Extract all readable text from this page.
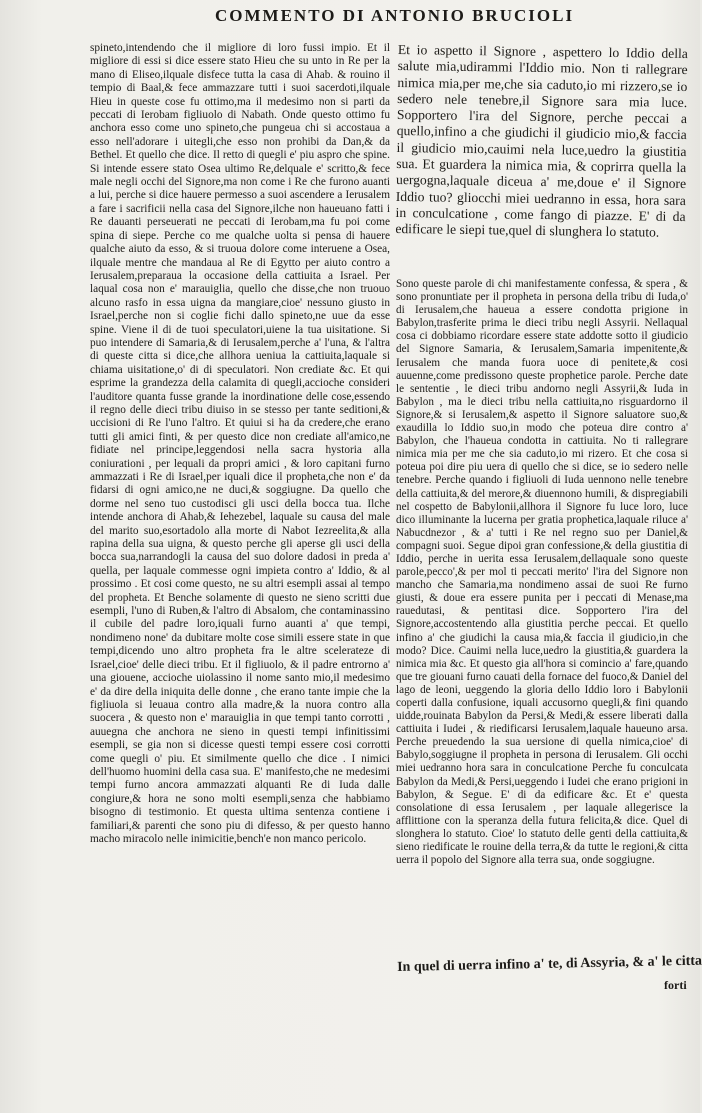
COMMENTO DI ANTONIO BRUCIOLI

spineto,intendendo che il migliore di loro fussi impio. Et il migliore di essi si dice essere stato Hieu che su unto in Re per la mano di Eliseo,ilquale disfece tutta la casa di Ahab. & rouino il tempio di Baal,& fece ammazzare tutti i suoi sacerdoti,ilquale Hieu in queste cose fu ottimo,ma il medesimo non si parti da peccati di Ierobam figliuolo di Nabath. Onde questo ottimo fu anchora esso come uno spineto,che pungeua chi si accostaua a esso nell'adorare i uitegli,che esso non prohibi da Dan,& da Bethel. Et quello che dice. Il retto di quegli e' piu aspro che spine. Si intende essere stato Osea ultimo Re,delquale e' scritto,& fece male negli occhi del Signore,ma non come i Re che furono auanti a lui, perche si dice hauere permesso a suoi ascendere a Ierusalem a fare i sacrificii nella casa del Signore,ilche non haueuano fatti i Re dauanti perseuerati ne peccati di Ierobam,ma fu poi come spina di siepe. Perche co me qualche uolta si pensa di hauere qualche aiuto da esso, & si truoua dolore come interuene a Osea, ilquale mentre che mandaua al Re di Egytto per aiuto contro a Ierusalem,preparaua la occasione della cattiuita a Israel. Per laqual cosa non e' marauiglia, quello che disse,che non truouo alcuno rasfo in essa uigna da mangiare,cioe' nessuno giusto in Israel,perche non si coglie fichi dallo spineto,ne uue da esse spine. Viene il di de tuoi speculatori,uiene la tua uisitatione. Si puo intendere di Samaria,& di Ierusalem,perche a' l'una, & l'altra di queste citta si dice,che allhora ueniua la cattiuita,laquale si chiama uisitatione,o' di di speculatori. Non crediate &c. Et qui esprime la grandezza della calamita di quegli,accioche consideri l'auditore quanta fusse grande la inordinatione delle cose,essendo il regno delle dieci tribu diuiso in se stesso per tante seditioni,& uccisioni di Re l'uno l'altro. Et quiui si ha da credere,che erano tutti gli amici finti, & per questo dice non crediate all'amico,ne fidiate nel principe,leggendosi nella sacra hystoria alla coniurationi , per lequali da propri amici , & loro capitani furno ammazzati i Re di Israel,per iquali dice il propheta,che non e' da fidarsi di ogni amico,ne ne duci,& soggiugne. Da quello che dorme nel seno tuo custodisci gli usci della bocca tua. Ilche intende anchora di Ahab,& Iehezebel, laquale su causa del male del marito suo,esortadolo alla morte di Nabot Iezreelita,& alla rapina della sua uigna, & questo perche gli aperse gli usci della bocca sua,narrandogli la causa del suo dolore dadosi in preda a' quella, per laquale commesse ogni impieta contro a' Iddio, & al prossimo . Et cosi come questo, ne su altri esempli assai al tempo del propheta. Et Benche solamente di questo ne sieno scritti due esempli, l'uno di Ruben,& l'altro di Absalom, che contaminassino il cubile del padre loro,iquali furno auanti a' que tempi, nondimeno none' da dubitare molte cose simili essere state in que tempi,dicendo uno altro propheta fra le altre scelerateze di Israel,cioe' delle dieci tribu. Et il figliuolo, & il padre entrorno a' una giouene, accioche uiolassino il nome santo mio,il medesimo e' da dire della iniquita delle donne , che erano tante impie che la figliuola si leuaua contro alla madre,& la nuora contro alla suocera , & questo non e' marauiglia in que tempi tanto corrotti , auuegna che anchora ne sieno in questi tempi infinitissimi esempli, se gia non si dicesse questi tempi essere cosi corrotti come quegli o' piu. Et similmente quello che dice . I nimici dell'huomo huomini della casa sua. E' manifesto,che ne medesimi tempi furno ancora ammazzati alquanti Re di Iuda dalle congiure,& hora ne sono molti esempli,senza che habbiamo bisogno di testimonio. Et questa ultima sentenza contiene i familiari,& parenti che sono piu di difesso, & per questo hanno macho miracolo nelle inimicitie,bench'e non manco pericolo.

Et io aspetto il Signore , aspettero lo Iddio della salute mia,udirammi l'Iddio mio. Non ti rallegrare nimica mia,per me,che sia caduto,io mi rizzero,se io sedero nele tenebre,il Signore sara mia luce. Sopportero l'ira del Signore, perche peccai a quello,infino a che giudichi il giudicio mio,& faccia il giudicio mio,cauimi nela luce,uedro la giustitia sua. Et guardera la nimica mia, & coprirra quella la uergogna,laquale diceua a' me,doue e' il Signore Iddio tuo? gliocchi miei uedranno in essa, hora sara in conculcatione , come fango di piazze. E' di da edificare le siepi tue,quel di slunghera lo statuto.

Sono queste parole di chi manifestamente confessa, & spera , & sono pronuntiate per il propheta in persona della tribu di Iuda,o' di Ierusalem,che haueua a essere condotta prigione in Babylon,trasferite prima le dieci tribu negli Assyrii. Nellaqual cosa ci dobbiamo ricordare essere state addotte sotto il giudicio del Signore Samaria, & Ierusalem,Samaria impenitente,& Ierusalem che manda fuora uoce di penitete,& cosi auuenne,come predissono queste prophetice parole. Perche date le sententie , le dieci tribu andorno negli Assyrii,& Iuda in Babylon , ma le dieci tribu nella cattiuita,no risguardorno il Signore,& si Ierusalem,& aspetto il Signore saluatore suo,& exaudilla lo Iddio suo,in modo che poteua dire contro a' Babylon, che l'haueua condotta in cattiuita. No ti rallegrare nimica mia per me che sia caduto,io mi rizero. Et che cosa si poteua poi dire piu uera di quello che si dice, se io sedero nelle tenebre. Perche quando i figliuoli di Iuda uennono nelle tenebre della cattiuita,& del merore,& diuennono humili, & dispregiabili nel cospetto de Babylonii,allhora il Signore fu luce loro, luce dico illuminante la lucerna per gratia prophetica,laquale riluce a' Nabucdnezor , & a' tutti i Re nel regno suo per Daniel,& compagni suoi. Segue dipoi gran confessione,& della giustitia di Iddio, perche in uerita essa Ierusalem,dellaquale sono queste parole,pecco',& per mol ti peccati merito' l'ira del Signore non mancho che Samaria,ma nondimeno assai de suoi Re furno giusti, & doue era essere punita per i peccati di Menase,ma rauedutasi, & pentitasi dice. Sopportero l'ira del Signore,accostentendo alla giustitia perche peccai. Et quello infino a' che giudichi la causa mia,& faccia il giudicio,in che modo? Dice. Cauimi nella luce,uedro la giustitia,& guardera la nimica mia &c. Et questo gia all'hora si comincio a' fare,quando que tre giouani furno cauati della fornace del fuoco,& Daniel del lago de leoni, ueggendo la gloria dello Iddio loro i Babylonii coperti dalla confusione, iquali accusorno quegli,& fini quando uidde,rouinata Babylon da Persi,& Medi,& essere liberati dalla cattiuita i Iudei , & riedificarsi Ierusalem,laquale haueuno arsa. Perche preuedendo la sua uersione di quella nimica,cioe' di Babylo,soggiugne il propheta in persona di Ierusalem. Gli occhi miei uedranno hora sara in conculcatione Perche fu conculcata Babylon da Medi,& Persi,ueggendo i Iudei che erano prigioni in Babylon, & Segue. E' di da edificare &c. Et e' questa consolatione di essa Ierusalem , per laquale allegerisce la afflittione con la speranza della futura felicita,& dice. Quel di slonghera lo statuto. Cioe' lo statuto delle genti della cattiuita,& sieno riedificate le rouine della terra,& da tutte le regioni,& citta uerra il popolo del Signore alla terra sua, onde soggiugne.

In quel di uerra infino a' te, di Assyria, & a' le citta
forti
